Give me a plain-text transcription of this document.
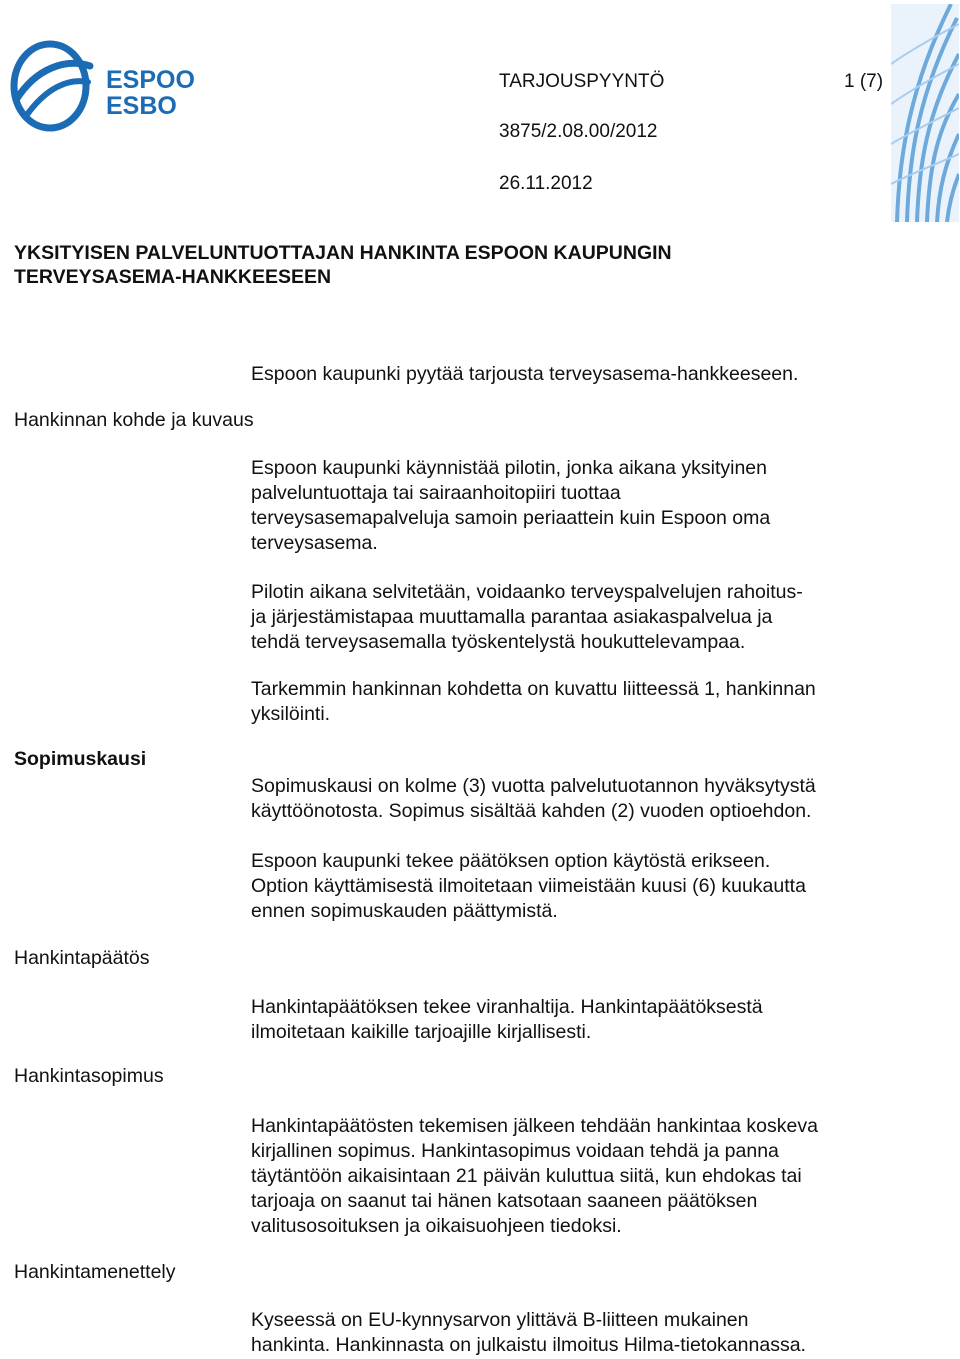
ESPOO
ESBO
TARJOUSPYYNTÖ	1 (7)
3875/2.08.00/2012
26.11.2012
YKSITYISEN PALVELUNTUOTTAJAN HANKINTA ESPOON KAUPUNGIN
TERVEYSASEMA-HANKKEESEEN
Hankinnan kohde ja kuvaus
Sopimuskausi
Hankintapäätös
Hankintasopimus
Hankintamenettely
Espoon kaupunki pyytää tarjousta terveysasema-hankkeeseen.
Espoon kaupunki käynnistää pilotin, jonka aikana yksityinen
palveluntuottaja tai sairaanhoitopiiri tuottaa
terveysasemapalveluja samoin periaattein kuin Espoon oma
terveysasema.
Pilotin aikana selvitetään, voidaanko terveyspalvelujen rahoitus-
ja järjestämistapaa muuttamalla parantaa asiakaspalvelua ja
tehdä terveysasemalla työskentelystä houkuttelevampaa.
Tarkemmin hankinnan kohdetta on kuvattu liitteessä 1, hankinnan
yksilöinti.
Sopimuskausi on kolme (3) vuotta palvelutuotannon hyväksytystä
käyttöönotosta. Sopimus sisältää kahden (2) vuoden optioehdon.
Espoon kaupunki tekee päätöksen option käytöstä erikseen.
Option käyttämisestä ilmoitetaan viimeistään kuusi (6) kuukautta
ennen sopimuskauden päättymistä.
Hankintapäätöksen tekee viranhaltija. Hankintapäätöksestä
ilmoitetaan kaikille tarjoajille kirjallisesti.
Hankintapäätösten tekemisen jälkeen tehdään hankintaa koskeva
kirjallinen sopimus. Hankintasopimus voidaan tehdä ja panna
täytäntöön aikaisintaan 21 päivän kuluttua siitä, kun ehdokas tai
tarjoaja on saanut tai hänen katsotaan saaneen päätöksen
valitusosoituksen ja oikaisuohjeen tiedoksi.
Kyseessä on EU-kynnysarvon ylittävä B-liitteen mukainen
hankinta. Hankinnasta on julkaistu ilmoitus Hilma-tietokannassa.
